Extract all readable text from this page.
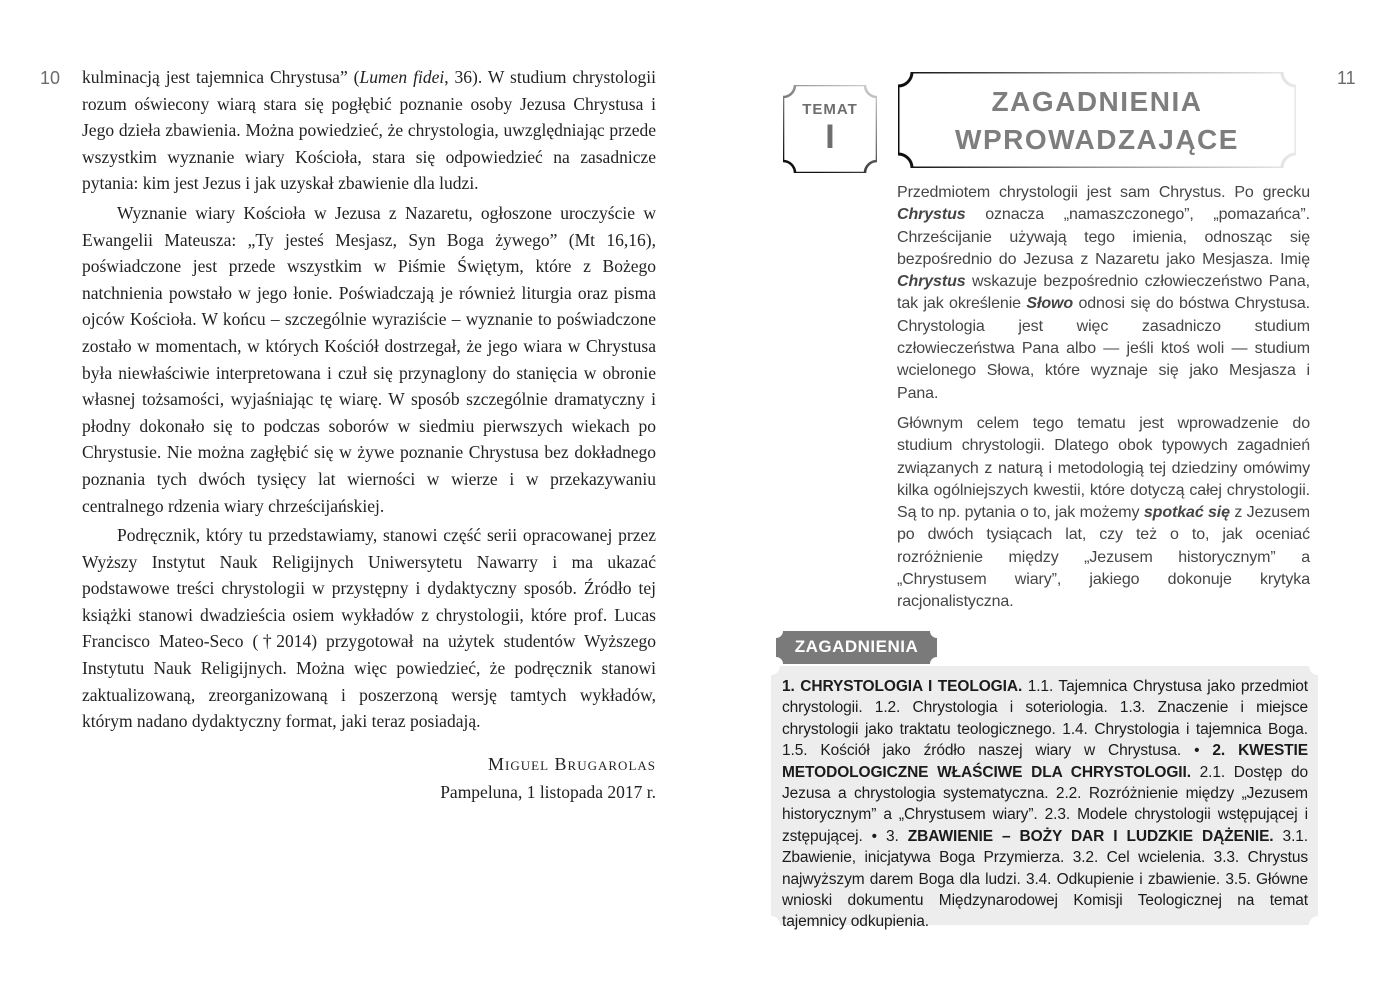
10	11

kulminacją jest tajemnica Chrystusa” (Lumen fidei, 36). W studium chrystologii rozum oświecony wiarą stara się pogłębić poznanie osoby Jezusa Chrystusa i Jego dzieła zbawienia. Można powiedzieć, że chrystologia, uwzględniając przede wszystkim wyznanie wiary Kościoła, stara się odpowiedzieć na zasadnicze pytania: kim jest Jezus i jak uzyskał zbawienie dla ludzi.

Wyznanie wiary Kościoła w Jezusa z Nazaretu, ogłoszone uroczyście w Ewangelii Mateusza: „Ty jesteś Mesjasz, Syn Boga żywego” (Mt 16,16), poświadczone jest przede wszystkim w Piśmie Świętym, które z Bożego natchnienia powstało w jego łonie. Poświadczają je również liturgia oraz pisma ojców Kościoła. W końcu – szczególnie wyraziście – wyznanie to poświadczone zostało w momentach, w których Kościół dostrzegał, że jego wiara w Chrystusa była niewłaściwie interpretowana i czuł się przynaglony do stanięcia w obronie własnej tożsamości, wyjaśniając tę wiarę. W sposób szczególnie dramatyczny i płodny dokonało się to podczas soborów w siedmiu pierwszych wiekach po Chrystusie. Nie można zagłębić się w żywe poznanie Chrystusa bez dokładnego poznania tych dwóch tysięcy lat wierności w wierze i w przekazywaniu centralnego rdzenia wiary chrześcijańskiej.

Podręcznik, który tu przedstawiamy, stanowi część serii opracowanej przez Wyższy Instytut Nauk Religijnych Uniwersytetu Nawarry i ma ukazać podstawowe treści chrystologii w przystępny i dydaktyczny sposób. Źródło tej książki stanowi dwadzieścia osiem wykładów z chrystologii, które prof. Lucas Francisco Mateo-Seco (†2014) przygotował na użytek studentów Wyższego Instytutu Nauk Religijnych. Można więc powiedzieć, że podręcznik stanowi zaktualizowaną, zreorganizowaną i poszerzoną wersję tamtych wykładów, którym nadano dydaktyczny format, jaki teraz posiadają.

Miguel Brugarolas
Pampeluna, 1 listopada 2017 r.
TEMAT
I
ZAGADNIENIA
WPROWADZAJĄCE

Przedmiotem chrystologii jest sam Chrystus. Po grecku Chrystus oznacza „namaszczonego”, „pomazańca”. Chrześcijanie używają tego imienia, odnosząc się bezpośrednio do Jezusa z Nazaretu jako Mesjasza. Imię Chrystus wskazuje bezpośrednio człowieczeństwo Pana, tak jak określenie Słowo odnosi się do bóstwa Chrystusa. Chrystologia jest więc zasadniczo studium człowieczeństwa Pana albo — jeśli ktoś woli — studium wcielonego Słowa, które wyznaje się jako Mesjasza i Pana.

Głównym celem tego tematu jest wprowadzenie do studium chrystologii. Dlatego obok typowych zagadnień związanych z naturą i metodologią tej dziedziny omówimy kilka ogólniejszych kwestii, które dotyczą całej chrystologii. Są to np. pytania o to, jak możemy spotkać się z Jezusem po dwóch tysiącach lat, czy też o to, jak oceniać rozróżnienie między „Jezusem historycznym” a „Chrystusem wiary”, jakiego dokonuje krytyka racjonalistyczna.

ZAGADNIENIA
1. CHRYSTOLOGIA I TEOLOGIA. 1.1. Tajemnica Chrystusa jako przedmiot chrystologii. 1.2. Chrystologia i soteriologia. 1.3. Znaczenie i miejsce chrystologii jako traktatu teologicznego. 1.4. Chrystologia i tajemnica Boga. 1.5. Kościół jako źródło naszej wiary w Chrystusa. • 2. KWESTIE METODOLOGICZNE WŁAŚCIWE DLA CHRYSTOLOGII. 2.1. Dostęp do Jezusa a chrystologia systematyczna. 2.2. Rozróżnienie między „Jezusem historycznym” a „Chrystusem wiary”. 2.3. Modele chrystologii wstępującej i zstępującej. • 3. ZBAWIENIE – BOŻY DAR I LUDZKIE DĄŻENIE. 3.1. Zbawienie, inicjatywa Boga Przymierza. 3.2. Cel wcielenia. 3.3. Chrystus najwyższym darem Boga dla ludzi. 3.4. Odkupienie i zbawienie. 3.5. Główne wnioski dokumentu Międzynarodowej Komisji Teologicznej na temat tajemnicy odkupienia.
